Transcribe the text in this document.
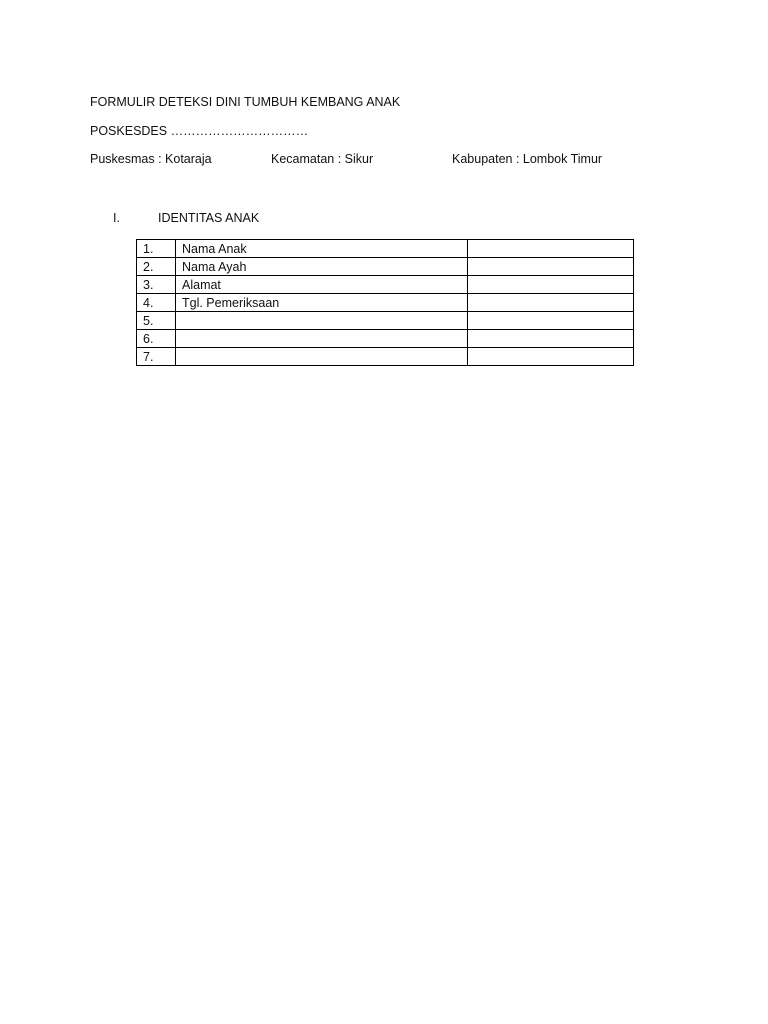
FORMULIR DETEKSI DINI TUMBUH KEMBANG ANAK
POSKESDES ……………………………
Puskesmas : Kotaraja	Kecamatan : Sikur	Kabupaten : Lombok Timur
I.	IDENTITAS ANAK
1.	Nama Anak	
2.	Nama Ayah	
3.	Alamat	
4.	Tgl. Pemeriksaan	
5.		
6.		
7.		
